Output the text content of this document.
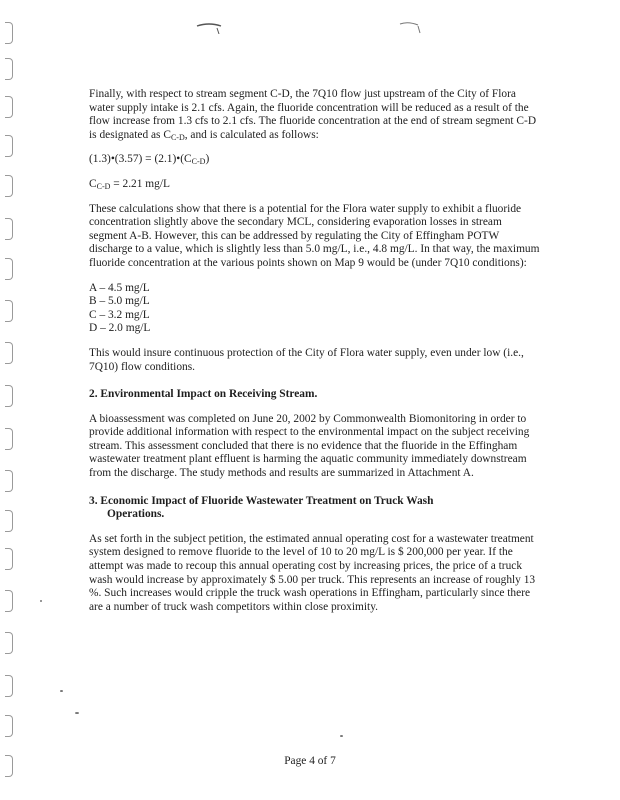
Finally, with respect to stream segment C-D, the 7Q10 flow just upstream of the City of Flora water supply intake is 2.1 cfs. Again, the fluoride concentration will be reduced as a result of the flow increase from 1.3 cfs to 2.1 cfs. The fluoride concentration at the end of stream segment C-D is designated as $C_{C-D}$, and is calculated as follows:

(1.3)•(3.57) = $(2.1)•(C_{C-D})$

$C_{C-D} = 2.21$ mg/L

These calculations show that there is a potential for the Flora water supply to exhibit a fluoride concentration slightly above the secondary MCL, considering evaporation losses in stream segment A-B. However, this can be addressed by regulating the City of Effingham POTW discharge to a value, which is slightly less than 5.0 mg/L, i.e., 4.8 mg/L. In that way, the maximum fluoride concentration at the various points shown on Map 9 would be (under 7Q10 conditions):

A – 4.5 mg/L
B – 5.0 mg/L
C – 3.2 mg/L
D – 2.0 mg/L

This would insure continuous protection of the City of Flora water supply, even under low (i.e., 7Q10) flow conditions.

2. Environmental Impact on Receiving Stream.

A bioassessment was completed on June 20, 2002 by Commonwealth Biomonitoring in order to provide additional information with respect to the environmental impact on the subject receiving stream. This assessment concluded that there is no evidence that the fluoride in the Effingham wastewater treatment plant effluent is harming the aquatic community immediately downstream from the discharge. The study methods and results are summarized in Attachment A.

3. Economic Impact of Fluoride Wastewater Treatment on Truck Wash
Operations.

As set forth in the subject petition, the estimated annual operating cost for a wastewater treatment system designed to remove fluoride to the level of 10 to 20 mg/L is $ 200,000 per year. If the attempt was made to recoup this annual operating cost by increasing prices, the price of a truck wash would increase by approximately $ 5.00 per truck. This represents an increase of roughly 13 %. Such increases would cripple the truck wash operations in Effingham, particularly since there are a number of truck wash competitors within close proximity.

Page 4 of 7
